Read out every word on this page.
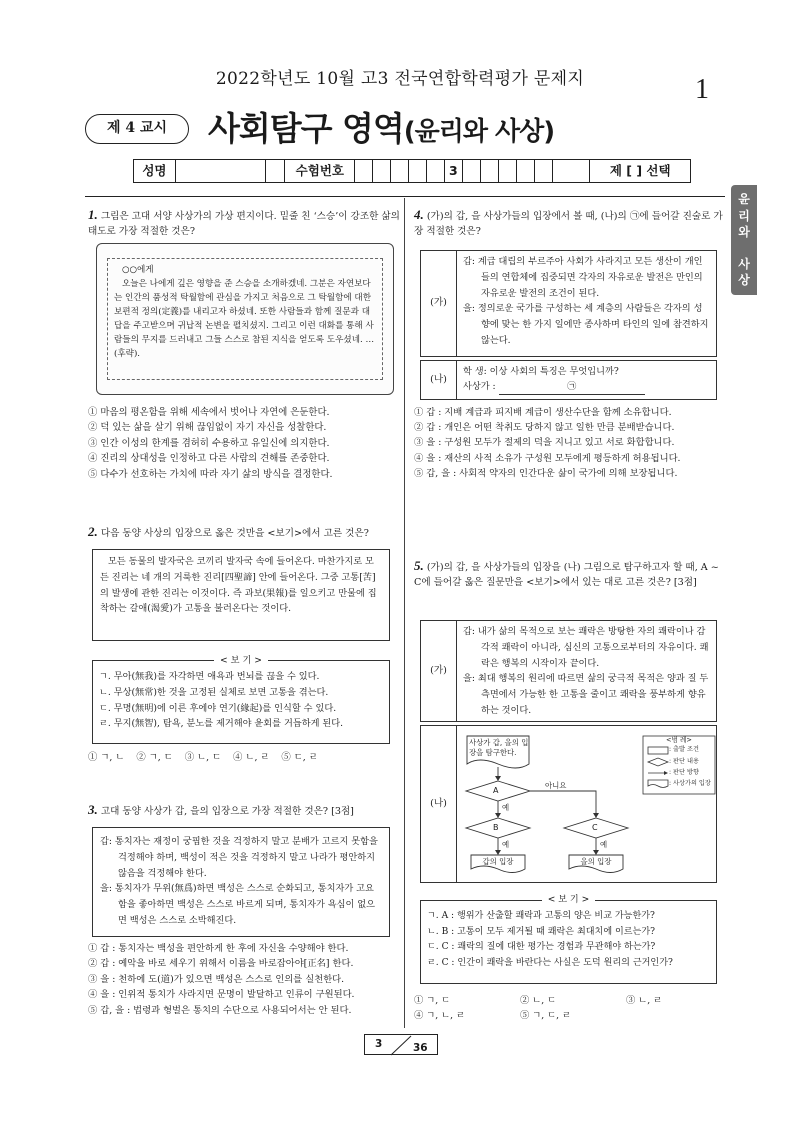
2022학년도 10월 고3 전국연합학력평가 문제지	1
제 4 교시	사회탐구 영역(윤리와 사상)
성명	수험번호	3	제 [ ] 선택
윤
리
와

사
상
1. 그림은 고대 서양 사상가의 가상 편지이다. 밑줄 친 ‘스승’이 강조한 삶의 태도로 가장 적절한 것은?
○○에게
오늘은 나에게 깊은 영향을 준 스승을 소개하겠네. 그분은 자연보다는 인간의 품성적 탁월함에 관심을 가지고 처음으로 그 탁월함에 대한 보편적 정의(定義)를 내리고자 하셨네. 또한 사람들과 함께 질문과 대답을 주고받으며 귀납적 논변을 펼치셨지. 그리고 이런 대화를 통해 사람들의 무지를 드러내고 그들 스스로 참된 지식을 얻도록 도우셨네. …(후략).
① 마음의 평온함을 위해 세속에서 벗어나 자연에 은둔한다.
② 덕 있는 삶을 살기 위해 끊임없이 자기 자신을 성찰한다.
③ 인간 이성의 한계를 겸허히 수용하고 유일신에 의지한다.
④ 진리의 상대성을 인정하고 다른 사람의 견해를 존중한다.
⑤ 다수가 선호하는 가치에 따라 자기 삶의 방식을 결정한다.
2. 다음 동양 사상의 입장으로 옳은 것만을 <보기>에서 고른 것은?
모든 동물의 발자국은 코끼리 발자국 속에 들어온다. 마찬가지로 모든 진리는 네 개의 거룩한 진리[四聖諦] 안에 들어온다. 그중 고통[苦]의 발생에 관한 진리는 이것이다. 즉 과보(果報)를 일으키고 만물에 집착하는 갈애(渴愛)가 고통을 불러온다는 것이다.
< 보 기 >
ㄱ. 무아(無我)를 자각하면 애욕과 번뇌를 끊을 수 있다.
ㄴ. 무상(無常)한 것을 고정된 실체로 보면 고통을 겪는다.
ㄷ. 무명(無明)에 이른 후에야 연기(緣起)를 인식할 수 있다.
ㄹ. 무지(無智), 탐욕, 분노를 제거해야 윤회를 거듭하게 된다.
① ㄱ, ㄴ    ② ㄱ, ㄷ    ③ ㄴ, ㄷ    ④ ㄴ, ㄹ    ⑤ ㄷ, ㄹ
3. 고대 동양 사상가 갑, 을의 입장으로 가장 적절한 것은? [3점]
갑: 통치자는 재정이 궁핍한 것을 걱정하지 말고 분배가 고르지 못함을 걱정해야 하며, 백성이 적은 것을 걱정하지 말고 나라가 평안하지 않음을 걱정해야 한다.
을: 통치자가 무위(無爲)하면 백성은 스스로 순화되고, 통치자가 고요함을 좋아하면 백성은 스스로 바르게 되며, 통치자가 욕심이 없으면 백성은 스스로 소박해진다.
① 갑 : 통치자는 백성을 편안하게 한 후에 자신을 수양해야 한다.
② 갑 : 예악을 바로 세우기 위해서 이름을 바로잡아야[正名] 한다.
③ 을 : 천하에 도(道)가 있으면 백성은 스스로 인의를 실천한다.
④ 을 : 인위적 통치가 사라지면 문명이 발달하고 인류이 구원된다.
⑤ 갑, 을 : 법령과 형벌은 통치의 수단으로 사용되어서는 안 된다.
4. (가)의 갑, 을 사상가들의 입장에서 볼 때, (나)의 ㉠에 들어갈 진술로 가장 적절한 것은?
(가)
갑: 계급 대립의 부르주아 사회가 사라지고 모든 생산이 개인들의 연합체에 집중되면 각자의 자유로운 발전은 만인의 자유로운 발전의 조건이 된다.
을: 정의로운 국가를 구성하는 세 계층의 사람들은 각자의 성향에 맞는 한 가지 일에만 종사하며 타인의 일에 참견하지 않는다.
(나)
학 생: 이상 사회의 특징은 무엇입니까?
사상가 :	㉠
① 갑 : 지배 계급과 피지배 계급이 생산수단을 함께 소유합니다.
② 갑 : 개인은 어떤 착취도 당하지 않고 일한 만큼 분배받습니다.
③ 을 : 구성원 모두가 절제의 덕을 지니고 있고 서로 화합합니다.
④ 을 : 재산의 사적 소유가 구성원 모두에게 평등하게 허용됩니다.
⑤ 갑, 을 : 사회적 약자의 인간다운 삶이 국가에 의해 보장됩니다.
5. (가)의 갑, 을 사상가들의 입장을 (나) 그림으로 탐구하고자 할 때, A ~ C에 들어갈 옳은 질문만을 <보기>에서 있는 대로 고른 것은? [3점]
(가)
갑: 내가 삶의 목적으로 보는 쾌락은 방탕한 자의 쾌락이나 감각적 쾌락이 아니라, 심신의 고통으로부터의 자유이다. 쾌락은 행복의 시작이자 끝이다.
을: 최대 행복의 원리에 따르면 삶의 궁극적 목적은 양과 질 두 측면에서 가능한 한 고통을 줄이고 쾌락을 풍부하게 향유하는 것이다.
(나)
사상가 갑, 을의 입장을 탐구한다.
A
B	C
아니요
예
예	예
갑의 입장	을의 입장
<범 례>
: 출발 조건
: 판단 내용
: 판단 방향
: 사상가의 입장
< 보 기 >
ㄱ. A : 행위가 산출할 쾌락과 고통의 양은 비교 가능한가?
ㄴ. B : 고통이 모두 제거될 때 쾌락은 최대치에 이르는가?
ㄷ. C : 쾌락의 질에 대한 평가는 경험과 무관해야 하는가?
ㄹ. C : 인간이 쾌락을 바란다는 사실은 도덕 원리의 근거인가?
① ㄱ, ㄷ	② ㄴ, ㄷ	③ ㄴ, ㄹ
④ ㄱ, ㄴ, ㄹ	⑤ ㄱ, ㄷ, ㄹ
3	36
